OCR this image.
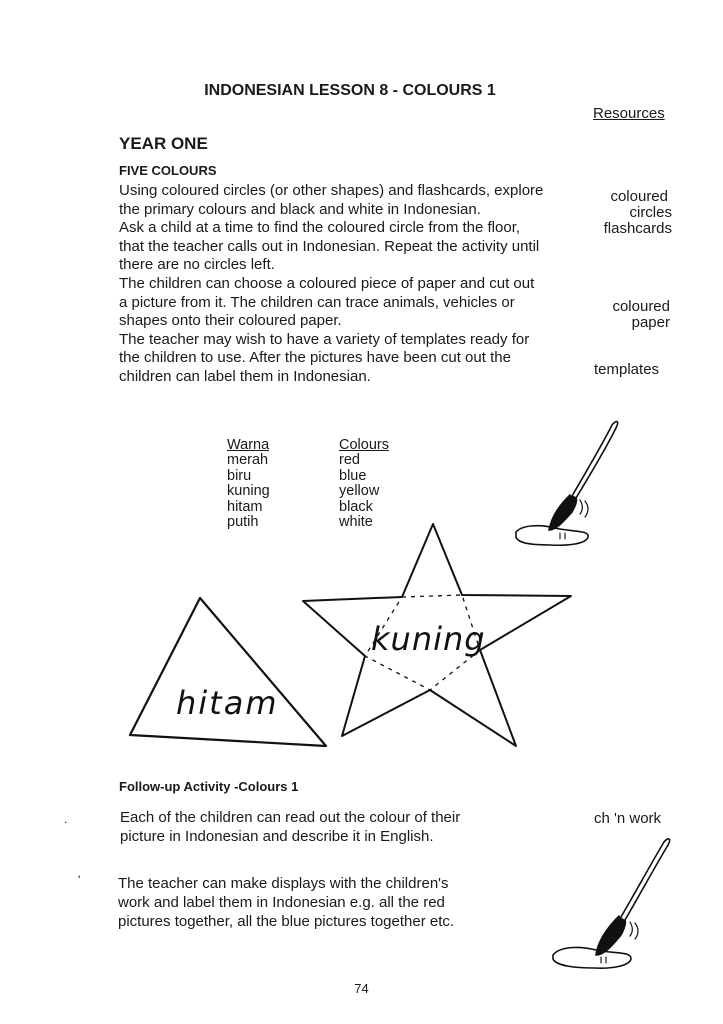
INDONESIAN LESSON 8 - COLOURS 1
Resources
YEAR ONE
FIVE COLOURS
Using coloured circles (or other shapes) and flashcards, explore
the primary colours and black and white in Indonesian.
Ask a child at a time to find the coloured circle from the floor,
that the teacher calls out in Indonesian. Repeat the activity until
there are no circles left.
The children can choose a coloured piece of paper and cut out
a picture from it. The children can trace animals, vehicles or
shapes onto their coloured paper.
The teacher may wish to have a variety of templates ready for
the children to use. After the pictures have been cut out the
children can label them in Indonesian.
coloured
circles
flashcards
coloured
paper
templates
Warna
merah
biru
kuning
hitam
putih
Colours
red
blue
yellow
black
white
kuning
hitam
Follow-up Activity -Colours 1
.	Each of the children can read out the colour of their
picture in Indonesian and describe it in English.
'	The teacher can make displays with the children's
work and label them in Indonesian e.g. all the red
pictures together, all the blue pictures together etc.
ch 'n work
74
